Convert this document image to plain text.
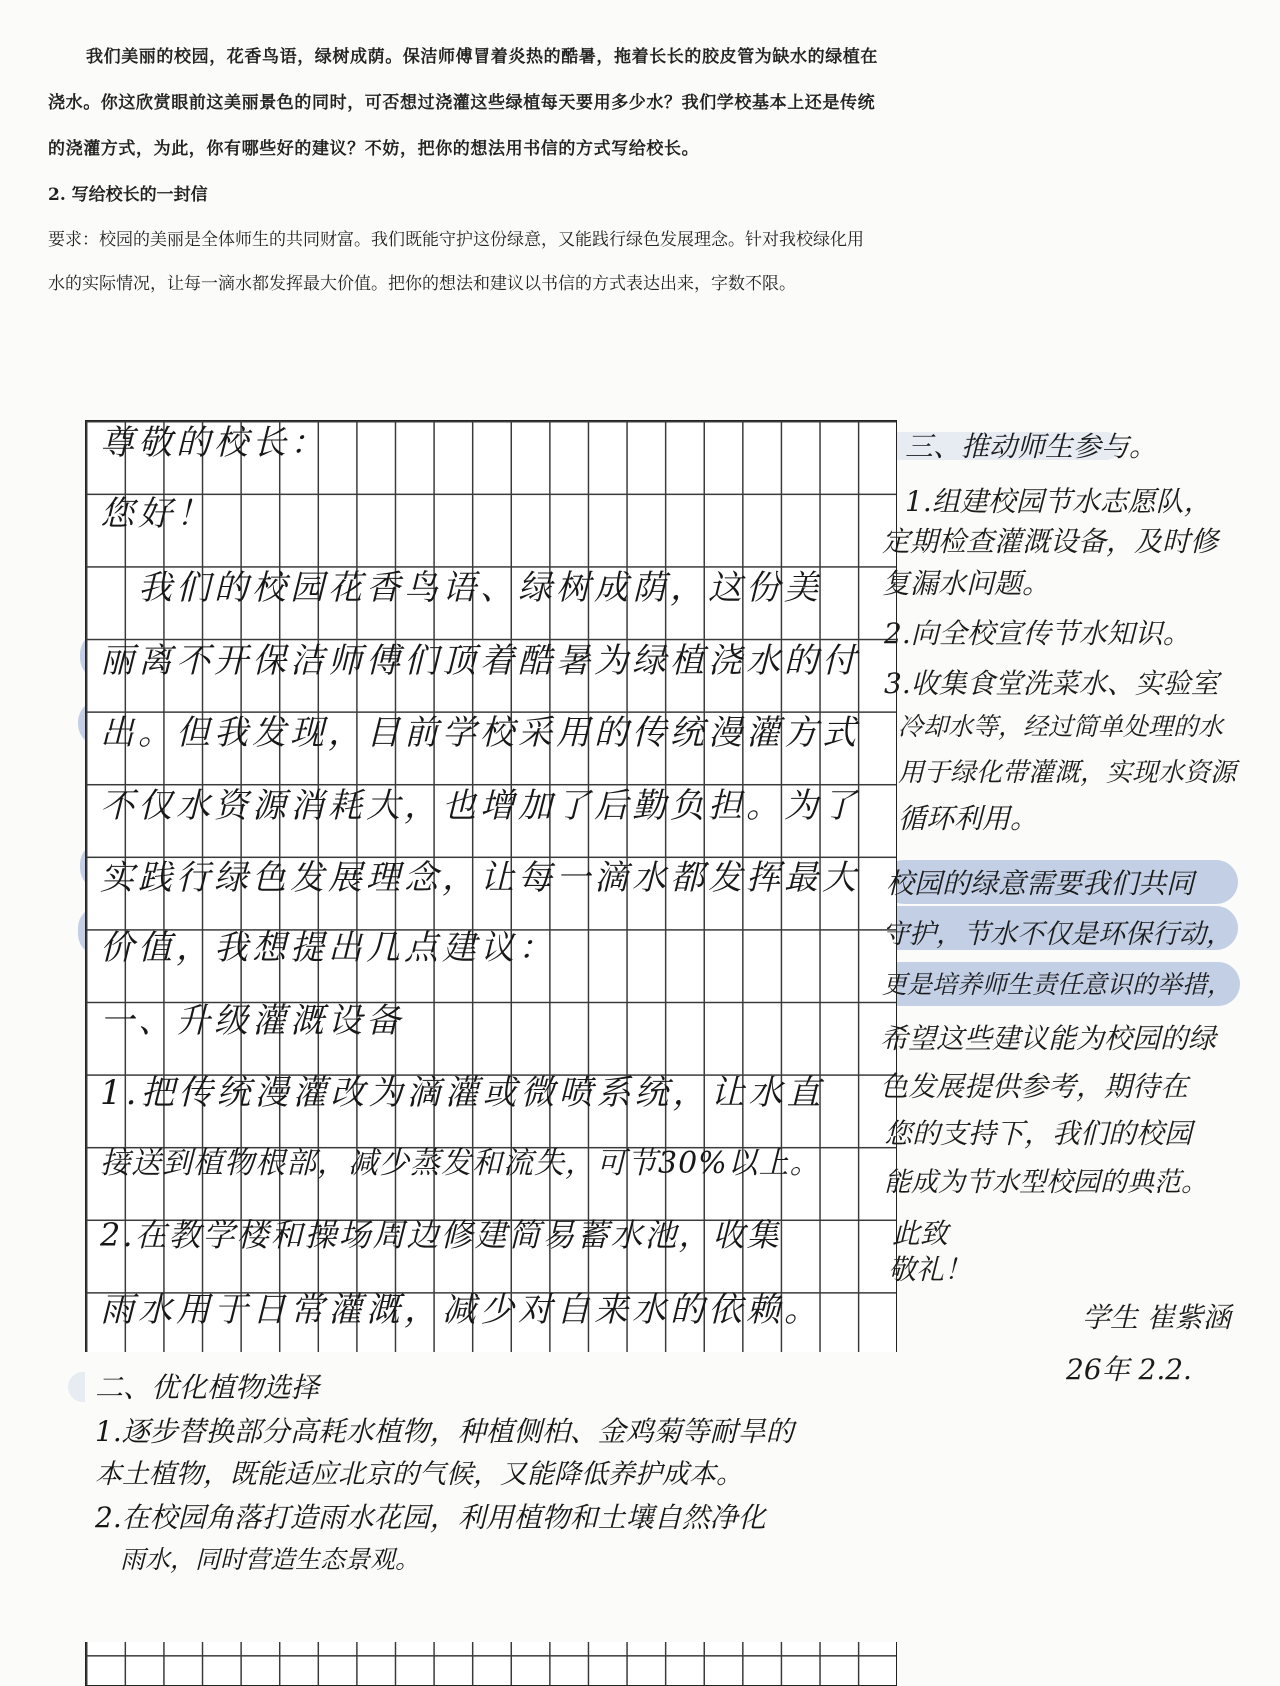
我们美丽的校园，花香鸟语，绿树成荫。保洁师傅冒着炎热的酷暑，拖着长长的胶皮管为缺水的绿植在浇水。你这欣赏眼前这美丽景色的同时，可否想过浇灌这些绿植每天要用多少水？我们学校基本上还是传统的浇灌方式，为此，你有哪些好的建议？不妨，把你的想法用书信的方式写给校长。

2. 写给校长的一封信

要求：校园的美丽是全体师生的共同财富。我们既能守护这份绿意，又能践行绿色发展理念。针对我校绿化用水的实际情况，让每一滴水都发挥最大价值。把你的想法和建议以书信的方式表达出来，字数不限。

尊敬的校长：
您好！
　我们的校园花香鸟语、绿树成荫，这份美
丽离不开保洁师傅们顶着酷暑为绿植浇水的付
出。但我发现，目前学校采用的传统漫灌方式
不仅水资源消耗大，也增加了后勤负担。为了
实践行绿色发展理念，让每一滴水都发挥最大
价值，我想提出几点建议：
一、升级灌溉设备
1.把传统漫灌改为滴灌或微喷系统，让水直
接送到植物根部，减少蒸发和流失，可节30%以上。
2.在教学楼和操场周边修建简易蓄水池，收集
雨水用于日常灌溉，减少对自来水的依赖。
三、推动师生参与。
1.组建校园节水志愿队，
定期检查灌溉设备，及时修
复漏水问题。
2.向全校宣传节水知识。
3.收集食堂洗菜水、实验室
冷却水等，经过简单处理的水
用于绿化带灌溉，实现水资源
循环利用。
校园的绿意需要我们共同
守护，节水不仅是环保行动，
更是培养师生责任意识的举措，
希望这些建议能为校园的绿
色发展提供参考，期待在
您的支持下，我们的校园
能成为节水型校园的典范。
此致
敬礼！
学生 崔紫涵
26年 2.2.
二、优化植物选择
1.逐步替换部分高耗水植物，种植侧柏、金鸡菊等耐旱的
本土植物，既能适应北京的气候，又能降低养护成本。
2.在校园角落打造雨水花园，利用植物和土壤自然净化
雨水，同时营造生态景观。
